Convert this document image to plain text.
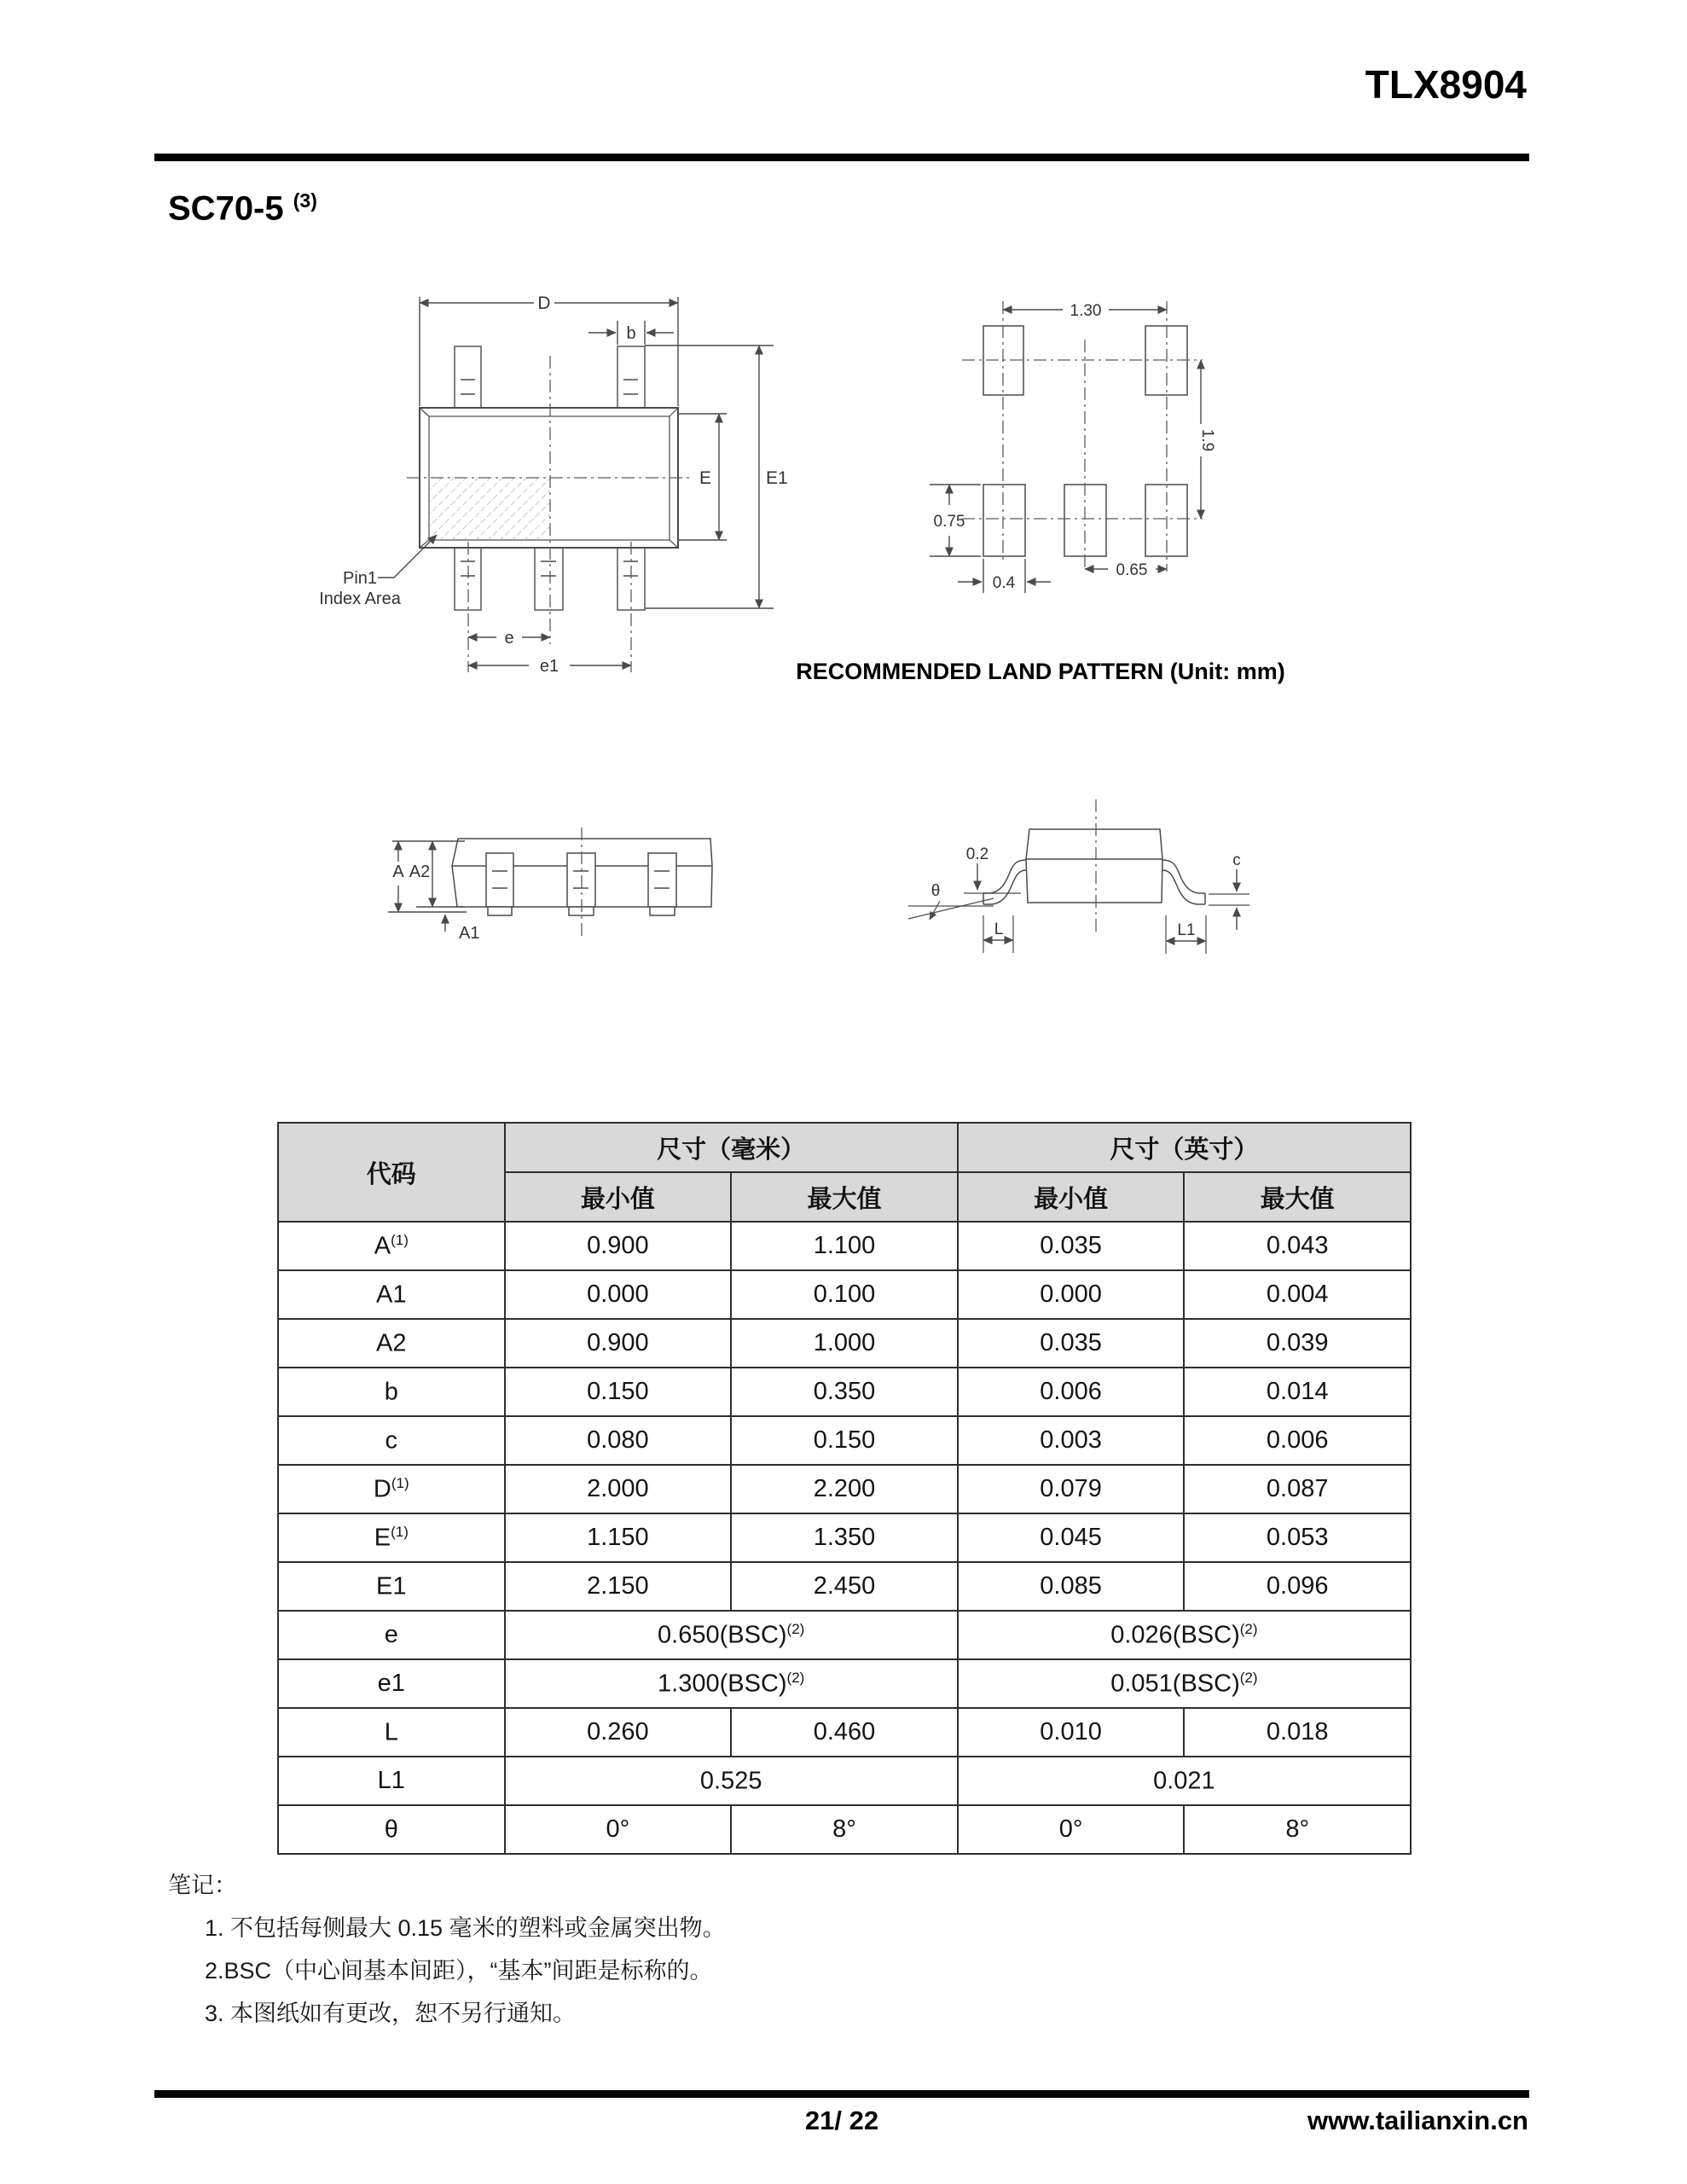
TLX8904
SC70-5 $^{(3)}$
D
b
E	E1
e
e1
Pin1
Index Area
1.30
1.9
0.75
0.65
0.4
RECOMMENDED LAND PATTERN (Unit: mm)
A A2
A1
0.2
θ
L	L1
c
代码	尺寸（毫米）		尺寸（英寸）	
	最小值	最大值	最小值	最大值
$A^{(1)}$	0.900	1.100	0.035	0.043
A1	0.000	0.100	0.000	0.004
A2	0.900	1.000	0.035	0.039
b	0.150	0.350	0.006	0.014
c	0.080	0.150	0.003	0.006
$D^{(1)}$	2.000	2.200	0.079	0.087
$E^{(1)}$	1.150	1.350	0.045	0.053
E1	2.150	2.450	0.085	0.096
e	0.650(BSC)$^{(2)}$		0.026(BSC)$^{(2)}$
e1	1.300(BSC)$^{(2)}$		0.051(BSC)$^{(2)}$
L	0.260	0.460	0.010	0.018
L1	0.525		0.021	
θ	0°	8°	0°	8°
笔记：
1. 不包括每侧最大 0.15 毫米的塑料或金属突出物。
2.BSC（中心间基本间距），“基本”间距是标称的。
3. 本图纸如有更改，恕不另行通知。
21/ 22	www.tailianxin.cn
